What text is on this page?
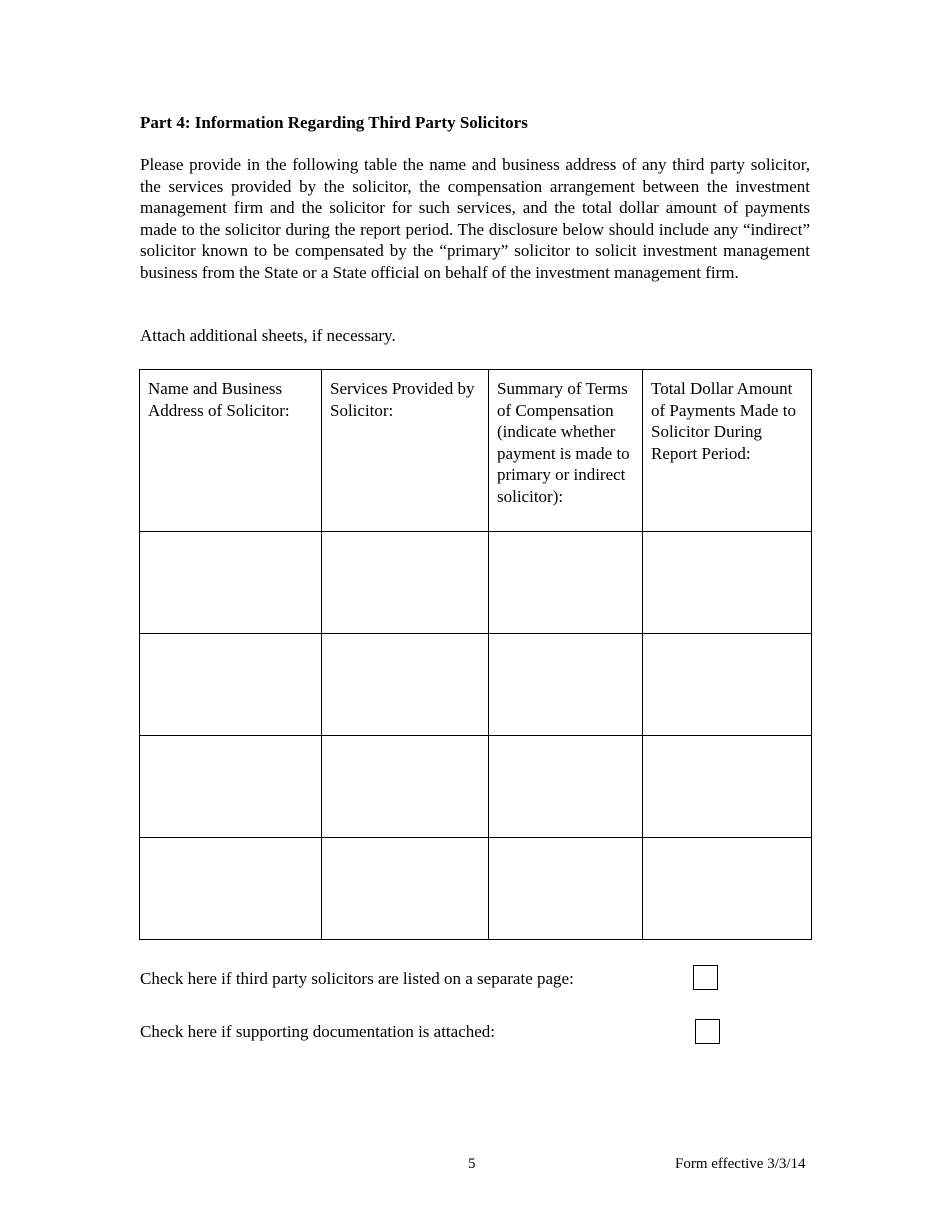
Part 4: Information Regarding Third Party Solicitors

Please provide in the following table the name and business address of any third party solicitor, the services provided by the solicitor, the compensation arrangement between the investment management firm and the solicitor for such services, and the total dollar amount of payments made to the solicitor during the report period. The disclosure below should include any “indirect” solicitor known to be compensated by the “primary” solicitor to solicit investment management business from the State or a State official on behalf of the investment management firm.

Attach additional sheets, if necessary.
Name and Business Address of Solicitor:	Services Provided by Solicitor:	Summary of Terms of Compensation (indicate whether payment is made to primary or indirect solicitor):	Total Dollar Amount of Payments Made to Solicitor During Report Period:

Check here if third party solicitors are listed on a separate page:
Check here if supporting documentation is attached:
5	Form effective 3/3/14
